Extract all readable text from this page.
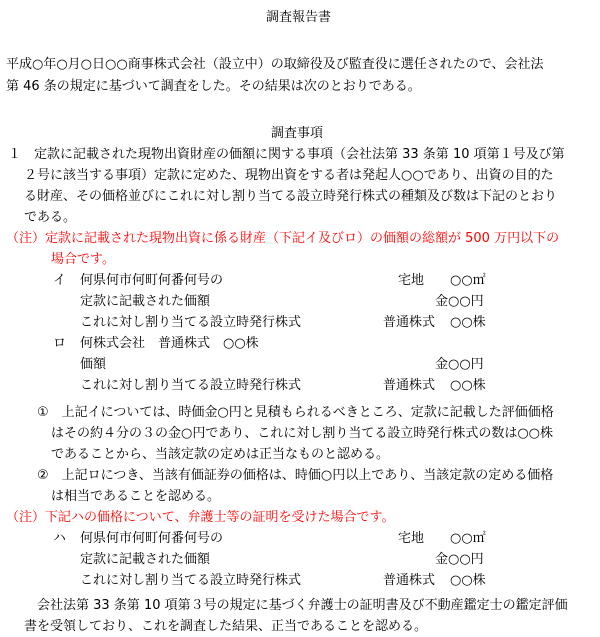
調査報告書
平成○年○月○日○○商事株式会社（設立中）の取締役及び監査役に選任されたので、会社法
第 46 条の規定に基づいて調査をした。その結果は次のとおりである。
調査事項
１　定款に記載された現物出資財産の価額に関する事項（会社法第 33 条第 10 項第１号及び第
２号に該当する事項）定款に定めた、現物出資をする者は発起人○○であり、出資の目的た
る財産、その価格並びにこれに対し割り当てる設立時発行株式の種類及び数は下記のとおり
である。
（注）定款に記載された現物出資に係る財産（下記イ及びロ）の価額の総額が 500 万円以下の
場合です。
イ 何県何市何町何番何号の	宅地 ○○㎡
定款に記載された価額	金○○円
これに対し割り当てる設立時発行株式	普通株式 ○○株
ロ 何株式会社　普通株式　○○株
価額	金○○円
これに対し割り当てる設立時発行株式	普通株式 ○○株
①　上記イについては、時価金○円と見積もられるべきところ、定款に記載した評価価格
はその約４分の３の金○円であり、これに対し割り当てる設立時発行株式の数は○○株
であることから、当該定款の定めは正当なものと認める。
②　上記ロにつき、当該有価証券の価格は、時価○円以上であり、当該定款の定める価格
は相当であることを認める。
（注）下記ハの価格について、弁護士等の証明を受けた場合です。
ハ 何県何市何町何番何号の	宅地 ○○㎡
定款に記載された価額	金○○円
これに対し割り当てる設立時発行株式	普通株式 ○○株
会社法第 33 条第 10 項第３号の規定に基づく弁護士の証明書及び不動産鑑定士の鑑定評価
書を受領しており、これを調査した結果、正当であることを認める。
